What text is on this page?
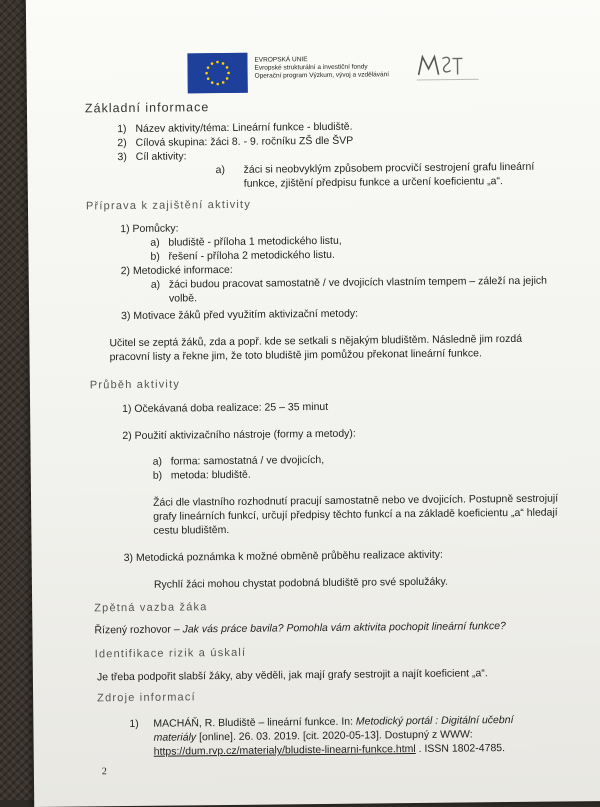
EVROPSKÁ UNIE
Evropské strukturální a investiční fondy
Operační program Výzkum, vývoj a vzdělávání

Základní informace

1) Název aktivity/téma: Lineární funkce - bludiště.
2) Cílová skupina: žáci 8. - 9. ročníku ZŠ dle ŠVP
3) Cíl aktivity:
a) žáci si neobvyklým způsobem procvičí sestrojení grafu lineární
funkce, zjištění předpisu funkce a určení koeficientu „a“.

Příprava k zajištění aktivity

1) Pomůcky:
a) bludiště - příloha 1 metodického listu,
b) řešení - příloha 2 metodického listu.
2) Metodické informace:
a) žáci budou pracovat samostatně / ve dvojicích vlastním tempem – záleží na jejich
volbě.
3) Motivace žáků před využitím aktivizační metody:
Učitel se zeptá žáků, zda a popř. kde se setkali s nějakým bludištěm. Následně jim rozdá
pracovní listy a řekne jim, že toto bludiště jim pomůžou překonat lineární funkce.

Průběh aktivity

1) Očekávaná doba realizace: 25 – 35 minut
2) Použití aktivizačního nástroje (formy a metody):
a) forma: samostatná / ve dvojicích,
b) metoda: bludiště.
Žáci dle vlastního rozhodnutí pracují samostatně nebo ve dvojicích. Postupně sestrojují
grafy lineárních funkcí, určují předpisy těchto funkcí a na základě koeficientu „a“ hledají
cestu bludištěm.
3) Metodická poznámka k možné obměně průběhu realizace aktivity:
Rychlí žáci mohou chystat podobná bludiště pro své spolužáky.

Zpětná vazba žáka

Řízený rozhovor – Jak vás práce bavila? Pomohla vám aktivita pochopit lineární funkce?

Identifikace rizik a úskalí

Je třeba podpořit slabší žáky, aby věděli, jak mají grafy sestrojit a najít koeficient „a“.

Zdroje informací

1) MACHÁŇ, R. Bludiště – lineární funkce. In: Metodický portál : Digitální učební
materiály [online]. 26. 03. 2019. [cit. 2020-05-13]. Dostupný z WWW:
https://dum.rvp.cz/materialy/bludiste-linearni-funkce.html . ISSN 1802-4785.
2
